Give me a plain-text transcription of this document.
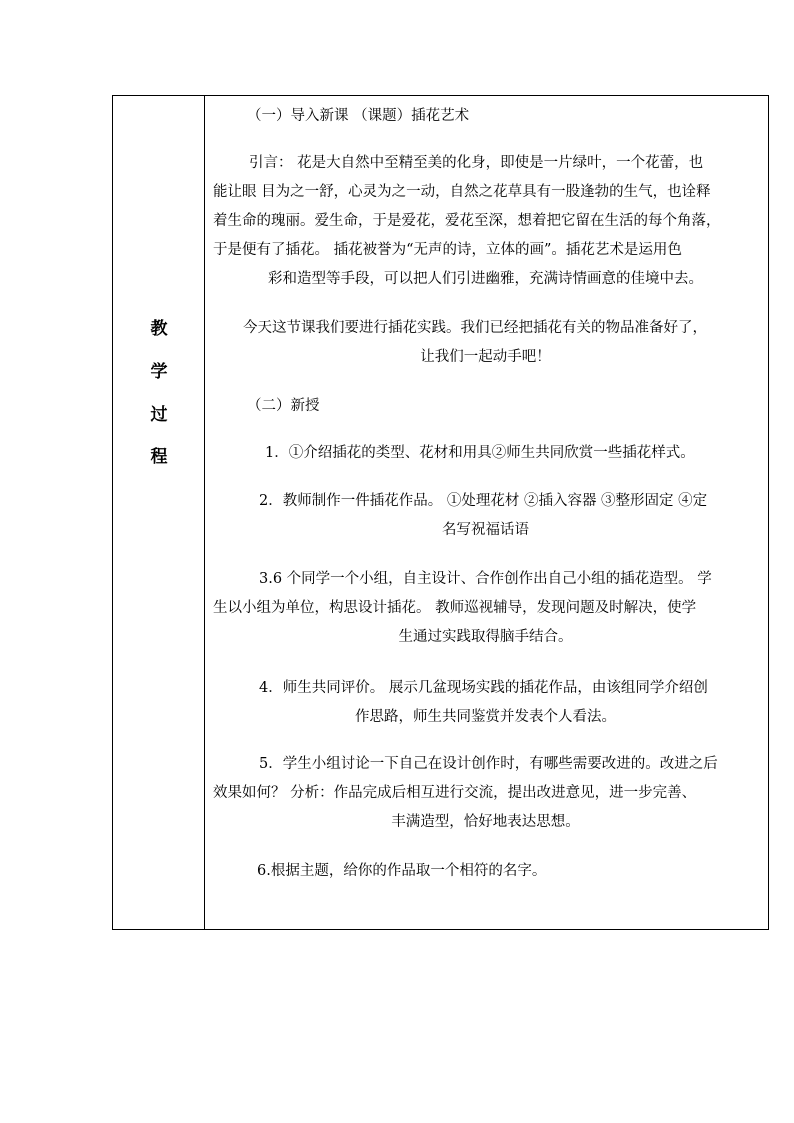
教
学
过
程
（一）导入新课 （课题）插花艺术
引言： 花是大自然中至精至美的化身，即使是一片绿叶，一个花蕾，也
能让眼 目为之一舒，心灵为之一动，自然之花草具有一股逢勃的生气，也诠释
着生命的瑰丽。爱生命，于是爱花，爱花至深，想着把它留在生活的每个角落，
于是便有了插花。 插花被誉为“无声的诗，立体的画”。插花艺术是运用色
彩和造型等手段，可以把人们引进幽雅，充满诗情画意的佳境中去。
今天这节课我们要进行插花实践。我们已经把插花有关的物品准备好了，
让我们一起动手吧！
（二）新授
1．①介绍插花的类型、花材和用具②师生共同欣赏一些插花样式。
2．教师制作一件插花作品。 ①处理花材 ②插入容器 ③整形固定 ④定
名写祝福话语
3.6 个同学一个小组，自主设计、合作创作出自己小组的插花造型。 学
生以小组为单位，构思设计插花。 教师巡视辅导，发现问题及时解决，使学
生通过实践取得脑手结合。
4．师生共同评价。 展示几盆现场实践的插花作品，由该组同学介绍创
作思路，师生共同鉴赏并发表个人看法。
5．学生小组讨论一下自己在设计创作时，有哪些需要改进的。改进之后
效果如何？ 分析：作品完成后相互进行交流，提出改进意见，进一步完善、
丰满造型，恰好地表达思想。
6.根据主题，给你的作品取一个相符的名字。
